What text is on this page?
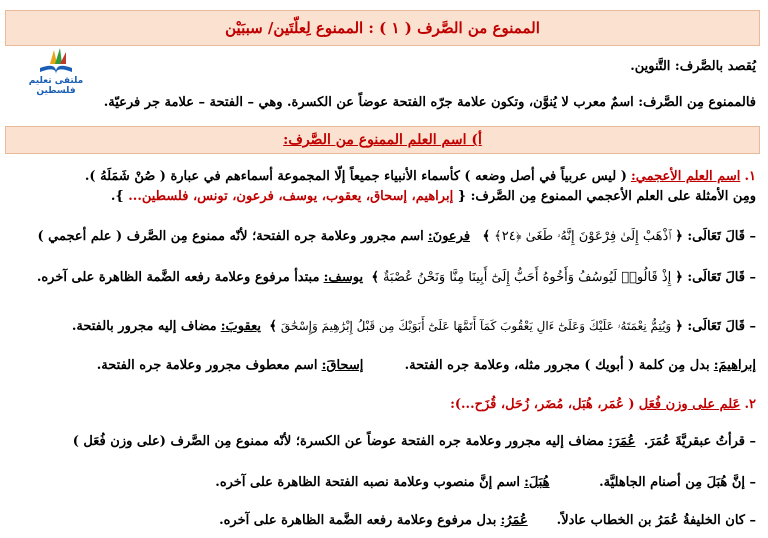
الممنوع من الصَّرف ( ١ ) : الممنوع لِعلّتَين/ سببَيْن
ملتقى تعليم فلسطين
يُقصد بالصَّرف: التَّنوين.
فالممنوع مِن الصَّرف: اسمٌ معرب لا يُنوَّن، وتكون علامة جرّه الفتحة عوضاً عن الكسرة. وهي – الفتحة – علامة جر فرعيّة.
أ) اسم العلم الممنوع من الصَّرف:
١. اسم العلم الأعجمي: ( ليس عربياً في أصل وضعه ) كأسماء الأنبياء جميعاً إلّا المجموعة أسماءهم في عبارة ( صُنْ شَمَلَهُ ).
ومِن الأمثلة على العلم الأعجمي الممنوع مِن الصَّرف: { إبراهيم، إسحاق، يعقوب، يوسف، فرعون، تونس، فلسطين... }.
– قَالَ تَعَالَى: ﴿ٱذْهَبْ إِلَىٰ فِرْعَوْنَ إِنَّهُۥ طَغَىٰ ﴿٢٤﴾﴾   فرعونَ: اسم مجرور وعلامة جره الفتحة؛ لأنّه ممنوع مِن الصَّرف ( علم أعجمي )
– قَالَ تَعَالَى: ﴿إِذْ قَالُوا۟ لَيُوسُفُ وَأَخُوهُ أَحَبُّ إِلَىٰٓ أَبِينَا مِنَّا وَنَحْنُ عُصْبَةٌ﴾  يوسف: مبتدأ مرفوع وعلامة رفعه الضَّمة الظاهرة على آخره.
– قَالَ تَعَالَى: ﴿وَيُتِمُّ نِعْمَتَهُۥ عَلَيْكَ وَعَلَىٰٓ ءَالِ يَعْقُوبَ كَمَآ أَتَمَّهَا عَلَىٰٓ أَبَوَيْكَ مِن قَبْلُ إِبْرَٰهِيمَ وَإِسْحَٰقَ﴾  يعقوبَ: مضاف إليه مجرور بالفتحة.
إبراهيمَ: بدل مِن كلمة ( أبويك ) مجرور مثله، وعلامة جره الفتحة.          إسحاقَ: اسم معطوف مجرور وعلامة جره الفتحة.
٢. عَلم على وزن فُعَل ( عُمَر، هُبَل، مُضَر، زُحَل، قُزَح...):
– قرأتُ عبقريَّةَ عُمَرَ.  عُمَرَ: مضاف إليه مجرور وعلامة جره الفتحة عوضاً عن الكسرة؛ لأنّه ممنوع مِن الصَّرف (على وزن فُعَل )
– إنَّ هُبَلَ مِن أصنام الجاهليَّة.            هُبَلَ: اسم إنَّ منصوب وعلامة نصبه الفتحة الظاهرة على آخره.
– كان الخليفةُ عُمَرُ بن الخطاب عادلاً.       عُمَرُ: بدل مرفوع وعلامة رفعه الضَّمة الظاهرة على آخره.
